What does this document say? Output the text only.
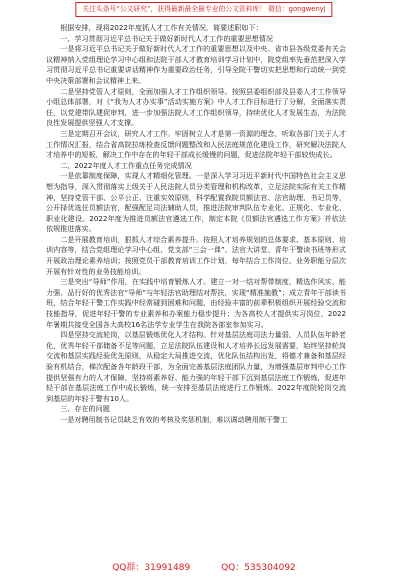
关注头条号“公文研究”，获得最新最全最专业的公文资料库！ 微信：gongwenyj

根据安排，现将2022年度抓人才工作有关情况，简要述职如下：

一、学习贯彻习近平总书记关于做好新时代人才工作的重要思想情况

一是将习近平总书记关于做好新时代人才工作的重要思想以及中央、省市县各级党委有关会议精神纳入党组理论学习中心组和法院干部人才教育培训学习计划中，院党组率先垂范把深入学习贯彻习近平总书记重要讲话精神作为重要政治任务，引导全院干警切实把思想和行动统一到党中央决策部署和会议精神上来。

二是坚持党管人才原则，全面加强人才工作组织领导。按照县委组织部及县委人才工作领导小组总体部署，对《“我为人才办实事”活动实施方案》中人才工作目标进行了分解，全面落实责任，以党建带队建促审判，进一步加强法院人才工作组织领导，持续优化人才发展生态，为法院良性发展提供坚强人才支撑。

三是定期召开会议，研究人才工作。牢固树立人才是第一资源的理念，听取各部门关于人才工作情况汇报，结合省高院拉练检查反馈问题整改和人民法庭规范化建设工作，研究解决法院人才培养中的短板，解决工作中存在的年轻干部成长缓慢的问题，促进法院年轻干部较快成长。

二、2022年度人才工作重点任务完成情况

一是依靠制度保障，实现人才精细化管理。一是深入学习习近平新时代中国特色社会主义思想为指导，深入贯彻落实上级关于人民法院人员分类管理和机构改革，立足法院实际有关工作精神，坚持党管干部、公平公正、注重实效原则，科学配置我院员额法官、法官助理、书记员等，公开择优选任员额法官，配强配足司法辅助人员，推进法院审判队伍专业化、正规化、专业化、职业化建设。2022年度为推进员额法官遴选工作，制定本院《员额法官遴选工作方案》并依法依规推进落实。

二是开展教育培训，狠抓人才综合素养提升。按照人才培养规划的总体要求、基本原则、培训内容等，结合党组理论学习中心组、党支部“三会一课”、法官大讲堂、青年干警读书班等形式开展政治理论素养培训；按照党员干部教育培训工作计划，每年结合工作岗位、业务职能分层次开展有针对性的业务技能培训。

三是突出“导师”作用，在实践中培育锻炼人才。建立一对一结对帮带制度，精选作风实、能力强、品行好的优秀法官“导师”与年轻法官助理结对帮扶，实现“精准施教”；成立青年干部读书班，结合年轻干警工作实践中经常碰到困难和问题，由经验丰富的前辈积极组织开展经验交流和技能指导，促进年轻干警的专业素养和办案能力稳步提升；为各高校人才提供实习岗位，2022年暑期共接受全国各大高校16名法学专业学生在我院各部室参加实习。

四是坚持交流轮岗，以基层锻炼优化人才结构。针对基层法庭司法力量弱，人员队伍年龄老化，优秀年轻干部储备不足等问题，立足法院队伍建设和人才培养长远发展需要，始终坚持轮岗交流和基层实践经验优先原则，从稳定大局推进交流，优化队伍结构出发，将德才兼备和基层经验有机结合，梯次配备各年龄段干部，为全面完善基层法庭团队力量，为增强基层审判中心工作提供坚强有力的人才保障，坚持将素养好、能力强的年轻干部下沉到基层法庭工作锻炼，促进年轻干部在基层法庭工作中成长锻炼，统一安排至基层法庭进行工作锻炼。2022年度院轮岗交流到基层的年轻干警有10人。

三、存在的问题

一是对聘用制书记员缺乏有效的考核及奖惩机制，难以调动聘用制干警工

QQ群：31991489	QQ：535304092
